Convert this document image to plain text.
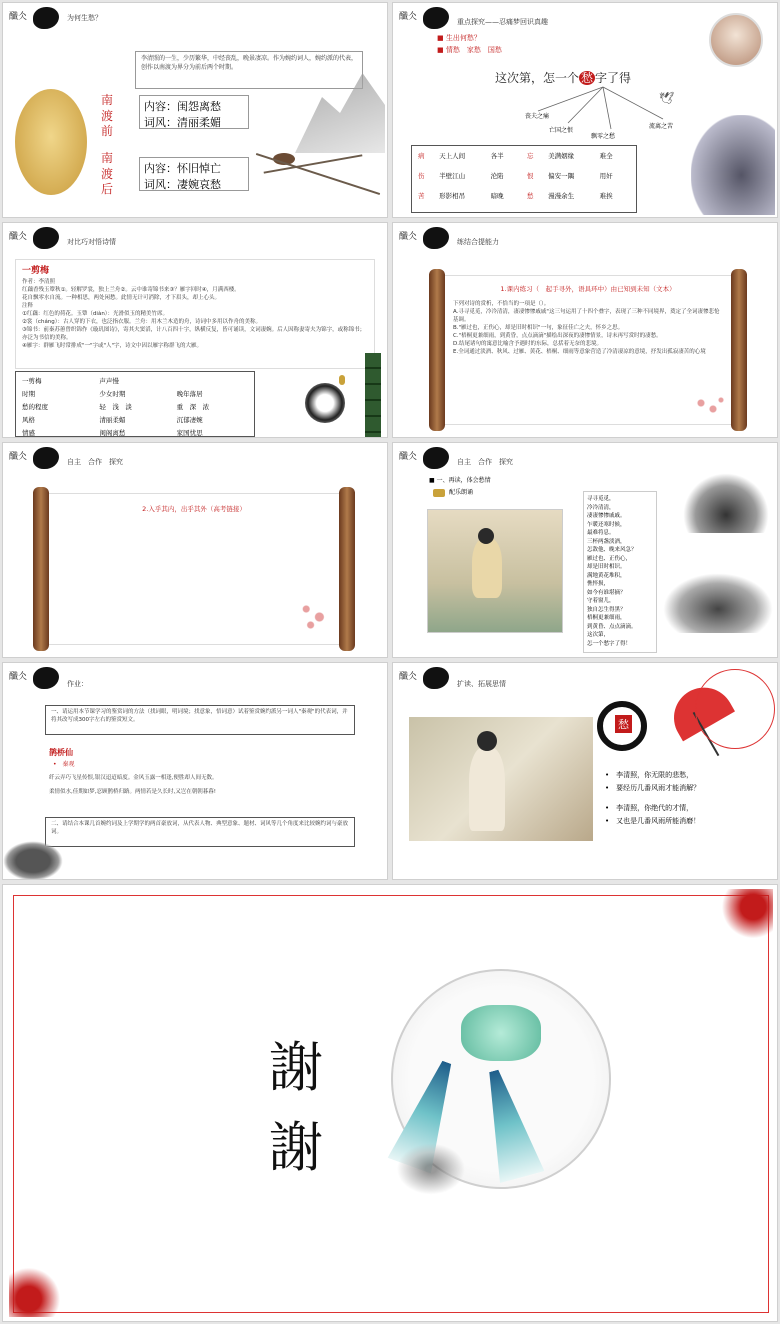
䤘仌	为何生愁？
李清照的一生，少历繁华，中经丧乱，晚景凄凉。作为婉约词人，婉约派的代表，创作以南渡为界分为前后两个时期。
南渡前
南渡后
内容：闺怨离愁
词风：清丽柔媚
内容：怀旧悼亡
词风：凄婉哀愁
䤘仌	重点探究——忍痛梦回识真趣
■ 生出何愁？
■ 情愁　家愁　国愁
这次第，怎一个 愁 字了得
丧夫之痛
亡国之恨
飘零之愁
流离之苦
病	天上人间	各半	忘	美满姻缘	难全
伤	半壁江山	沦陷	恨	偏安一隅	用奸
苦	形影相吊	暗晚	愁	漫漫余生	难挨
🕊
䤘仌	对比巧对悟诗情
一剪梅
作者：李清照
红藕香残玉簟秋①。轻解罗裳，独上兰舟②。云中谁寄锦书来③？雁字回时④，月满西楼。
花自飘零水自流。一种相思，两处闲愁。此情无计可消除，才下眉头，却上心头。
注释
①红藕：红色的荷花。玉簟（diàn）：光滑似玉的精美竹席。
②裳（cháng）：古人穿的下衣，也泛指衣服。兰舟：用木兰木造的舟，诗词中多用以作舟的美称。
③锦书：前秦苏蕙曾织锦作《璇玑图诗》，寄其夫窦滔，计八百四十字，纵横反复，皆可诵读，文词凄婉。后人因称妻寄夫为锦字，或称锦书；亦泛为书信的美称。
④雁字：群雁飞时常排成"一"字或"人"字，诗文中因以雁字称群飞的大雁。
一剪梅	声声慢
时期	少女时期	晚年落居
愁的程度	轻　浅　淡	重　深　浓
风格	清丽柔媚	沉郁凄婉
情感	闺阁离愁	家国忧思
䤘仌	练结合提能力
1.课内练习（　起手寻外，语具环中）由已知到未知（文本）
下列对诗的赏析，不恰当的一项是（）。
A.寻寻觅觅，冷冷清清，凄凄惨惨戚戚"这三句运用了十四个叠字，表现了三种不同境界，奠定了全词凄惨悲怆基调。
B."雁过也，正伤心，却是旧时相识"一句，象征佳亡之夫，怀乡之思。
C."梧桐更兼细雨，到黄昏，点点滴滴"描绘出深夜的凄惨情景，诗末再写赏时的凄愁。
D.结尾诸句的寓意比喻含予遇时的东际，总括着无奈的悲境。
E.全词通过淡酒、秋风、过雁、黄花、梧桐、细雨等意象营造了冷清凄凉的意境，抒发出孤寂凄苦的心境
䤘仌	自主　合作　探究
2.入乎其内，出乎其外（高考链接）
䤘仌	自主　合作　探究
■ 一、再读，体会愁情
配乐朗诵
寻寻觅觅，
冷冷清清，
凄凄惨惨戚戚。
乍暖还寒时候，
最难将息。
三杯两盏淡酒，
怎敌他、晚来风急？
雁过也、正伤心，
却是旧时相识。
满地黄花堆积，
憔悴损，
如今有谁堪摘？
守着窗儿，
独自怎生得黑？
梧桐更兼细雨，
到黄昏、点点滴滴。
这次第，
怎一个愁字了得！
䤘仌
作业：
一、请运用本节课学习的鉴赏词的方法（找词眼，明词境；找意象，悟词意）试着鉴赏婉约派另一词人"秦观"的代表词，并将其改写成300字左右的鉴赏短文。
鹊桥仙
•　秦观
纤云弄巧飞星传恨,银汉迢迢暗度。金风玉露一相逢,便胜却人间无数。
柔情似水,佳期如梦,忍顾鹊桥归路。两情若是久长时,又岂在朝朝暮暮!
二、请结合本课几首婉约词及上学期学的两首豪放词，从代表人物、典型意象、题材、词风等几个角度来比较婉约词与豪放词。
䤘仌
扩读、拓展思情
愁
•　李清照，你无限的悲愁，
•　要经历几番风雨才能消解？
•　李清照，你绝代的才情，
•　又也是几番风雨所能消磨！
謝
謝
